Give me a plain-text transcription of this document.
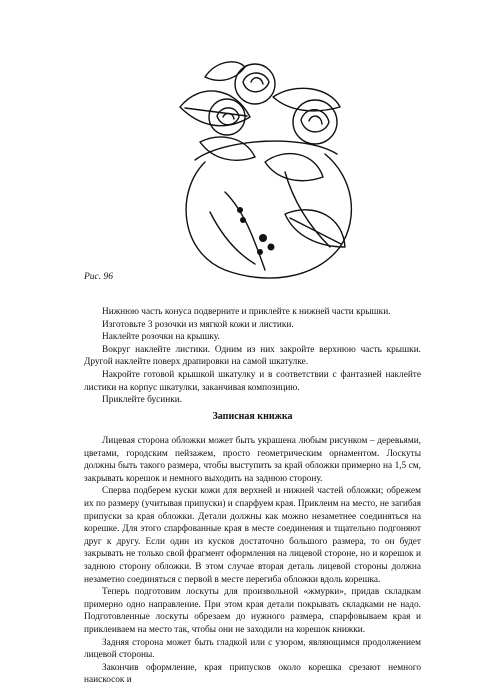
Рис. 96

Нижнюю часть конуса подверните и приклейте к нижней части крышки.

Изготовьте 3 розочки из мягкой кожи и листики.

Наклейте розочки на крышку.

Вокруг наклейте листики. Одним из них закройте верхнюю часть крышки. Другой наклейте поверх драпировки на самой шкатулке.

Накройте готовой крышкой шкатулку и в соответствии с фантазией наклейте листики на корпус шкатулки, заканчивая композицию.

Приклейте бусинки.

Записная книжка

Лицевая сторона обложки может быть украшена любым рисунком – деревьями, цветами, городским пейзажем, просто геометрическим орнаментом. Лоскуты должны быть такого размера, чтобы выступить за край обложки примерно на 1,5 см, закрывать корешок и немного выходить на заднюю сторону.

Сперва подберем куски кожи для верхней и нижней частей обложки; обрежем их по размеру (учитывая припуски) и спарфуем края. Приклеим на место, не загибая припуски за края обложки. Детали должны как можно незаметнее соединяться на корешке. Для этого спарфованные края в месте соединения и тщательно подгоняют друг к другу. Если один из кусков достаточно большого размера, то он будет закрывать не только свой фрагмент оформления на лицевой стороне, но и корешок и заднюю сторону обложки. В этом случае вторая деталь лицевой стороны должна незаметно соединяться с первой в месте перегиба обложки вдоль корешка.

Теперь подготовим лоскуты для произвольной «жмурки», придав складкам примерно одно направление. При этом края детали покрывать складками не надо. Подготовленные лоскуты обрезаем до нужного размера, спарфовываем края и приклеиваем на место так, чтобы они не заходили на корешок книжки.

Задняя сторона может быть гладкой или с узором, являющимся продолжением лицевой стороны.

Закончив оформление, края припусков около корешка срезают немного наискосок и
